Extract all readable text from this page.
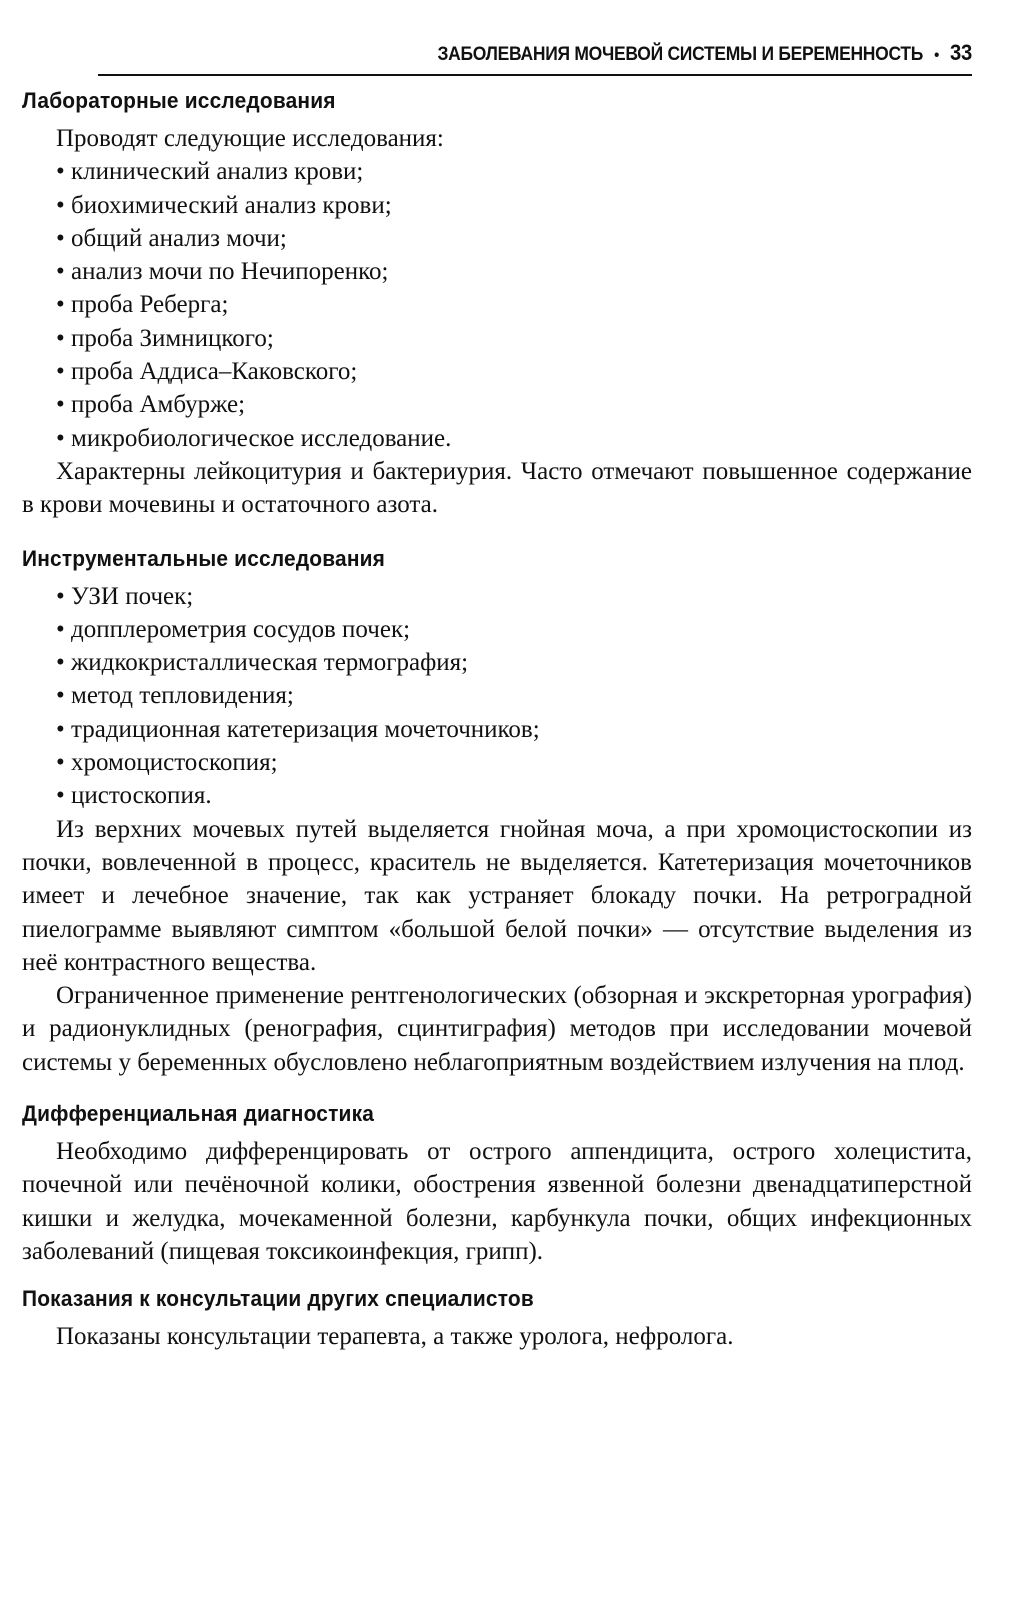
ЗАБОЛЕВАНИЯ МОЧЕВОЙ СИСТЕМЫ И БЕРЕМЕННОСТЬ • 33
Лабораторные исследования

Проводят следующие исследования:

• клинический анализ крови;
• биохимический анализ крови;
• общий анализ мочи;
• анализ мочи по Нечипоренко;
• проба Реберга;
• проба Зимницкого;
• проба Аддиса–Каковского;
• проба Амбурже;
• микробиологическое исследование.

Характерны лейкоцитурия и бактериурия. Часто отмечают повышенное содержание в крови мочевины и остаточного азота.

Инструментальные исследования
• УЗИ почек;
• допплерометрия сосудов почек;
• жидкокристаллическая термография;
• метод тепловидения;
• традиционная катетеризация мочеточников;
• хромоцистоскопия;
• цистоскопия.

Из верхних мочевых путей выделяется гнойная моча, а при хромоцистоскопии из почки, вовлеченной в процесс, краситель не выделяется. Катетеризация мочеточников имеет и лечебное значение, так как устраняет блокаду почки. На ретроградной пиелограмме выявляют симптом «большой белой почки» — отсутствие выделения из неё контрастного вещества.

Ограниченное применение рентгенологических (обзорная и экскреторная урография) и радионуклидных (ренография, сцинтиграфия) методов при исследовании мочевой системы у беременных обусловлено неблагоприятным воздействием излучения на плод.

Дифференциальная диагностика

Необходимо дифференцировать от острого аппендицита, острого холецистита, почечной или печёночной колики, обострения язвенной болезни двенадцатиперстной кишки и желудка, мочекаменной болезни, карбункула почки, общих инфекционных заболеваний (пищевая токсикоинфекция, грипп).

Показания к консультации других специалистов

Показаны консультации терапевта, а также уролога, нефролога.
